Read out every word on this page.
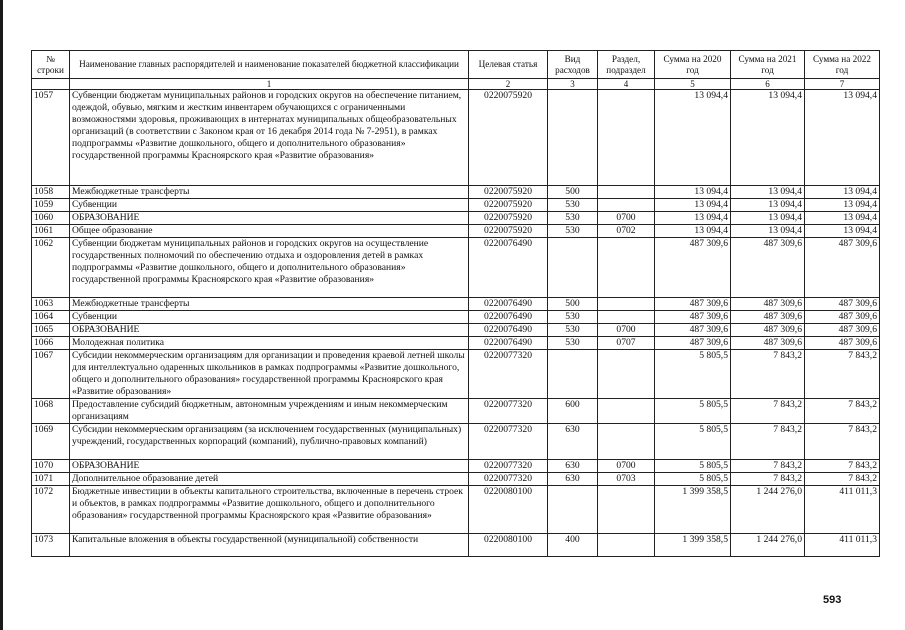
№ строки	Наименование главных распорядителей и наименование показателей бюджетной классификации	Целевая статья	Вид расходов	Раздел, подраздел	Сумма на 2020 год	Сумма на 2021 год	Сумма на 2022 год
	1	2	3	4	5	6	7
1057	Субвенции бюджетам муниципальных районов и городских округов на обеспечение питанием, одеждой, обувью, мягким и жестким инвентарем обучающихся с ограниченными возможностями здоровья, проживающих в интернатах муниципальных общеобразовательных организаций (в соответствии с Законом края от 16 декабря 2014 года № 7-2951), в рамках подпрограммы «Развитие дошкольного, общего и дополнительного образования» государственной программы Красноярского края «Развитие образования»	0220075920			13 094,4	13 094,4	13 094,4
1058	Межбюджетные трансферты	0220075920	500		13 094,4	13 094,4	13 094,4
1059	Субвенции	0220075920	530		13 094,4	13 094,4	13 094,4
1060	ОБРАЗОВАНИЕ	0220075920	530	0700	13 094,4	13 094,4	13 094,4
1061	Общее образование	0220075920	530	0702	13 094,4	13 094,4	13 094,4
1062	Субвенции бюджетам муниципальных районов и городских округов на осуществление государственных полномочий по обеспечению отдыха и оздоровления детей в рамках подпрограммы «Развитие дошкольного, общего и дополнительного образования» государственной программы Красноярского края «Развитие образования»	0220076490			487 309,6	487 309,6	487 309,6
1063	Межбюджетные трансферты	0220076490	500		487 309,6	487 309,6	487 309,6
1064	Субвенции	0220076490	530		487 309,6	487 309,6	487 309,6
1065	ОБРАЗОВАНИЕ	0220076490	530	0700	487 309,6	487 309,6	487 309,6
1066	Молодежная политика	0220076490	530	0707	487 309,6	487 309,6	487 309,6
1067	Субсидии некоммерческим организациям для организации и проведения краевой летней школы для интеллектуально одаренных школьников в рамках подпрограммы «Развитие дошкольного, общего и дополнительного образования» государственной программы Красноярского края «Развитие образования»	0220077320			5 805,5	7 843,2	7 843,2
1068	Предоставление субсидий бюджетным, автономным учреждениям и иным некоммерческим организациям	0220077320	600		5 805,5	7 843,2	7 843,2
1069	Субсидии некоммерческим организациям (за исключением государственных (муниципальных) учреждений, государственных корпораций (компаний), публично-правовых компаний)	0220077320	630		5 805,5	7 843,2	7 843,2
1070	ОБРАЗОВАНИЕ	0220077320	630	0700	5 805,5	7 843,2	7 843,2
1071	Дополнительное образование детей	0220077320	630	0703	5 805,5	7 843,2	7 843,2
1072	Бюджетные инвестиции в объекты капитального строительства, включенные в перечень строек и объектов, в рамках подпрограммы «Развитие дошкольного, общего и дополнительного образования» государственной программы Красноярского края «Развитие образования»	0220080100			1 399 358,5	1 244 276,0	411 011,3
1073	Капитальные вложения в объекты государственной (муниципальной) собственности	0220080100	400		1 399 358,5	1 244 276,0	411 011,3
593
